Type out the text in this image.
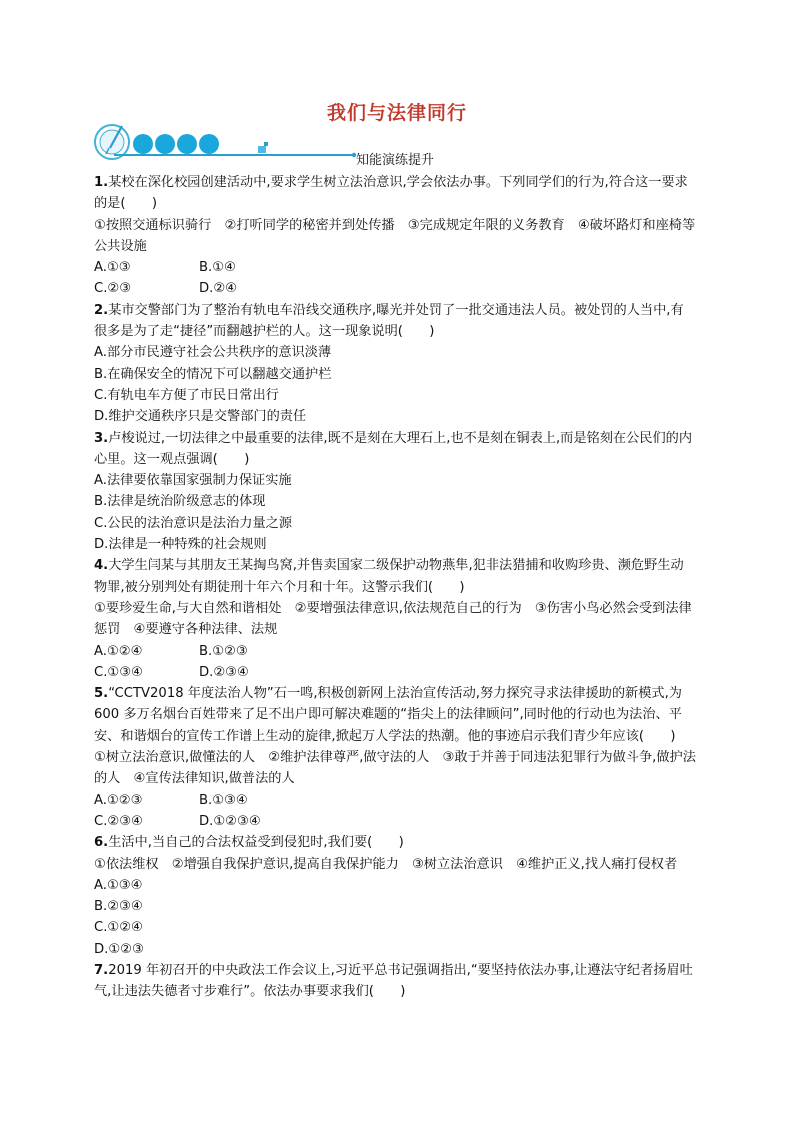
我们与法律同行
知能演练提升

1.某校在深化校园创建活动中,要求学生树立法治意识,学会依法办事。下列同学们的行为,符合这一要求的是(　　)

①按照交通标识骑行　②打听同学的秘密并到处传播　③完成规定年限的义务教育　④破坏路灯和座椅等公共设施

A.①③	B.①④
C.②③	D.②④

2.某市交警部门为了整治有轨电车沿线交通秩序,曝光并处罚了一批交通违法人员。被处罚的人当中,有很多是为了走“捷径”而翻越护栏的人。这一现象说明(　　)

A.部分市民遵守社会公共秩序的意识淡薄

B.在确保安全的情况下可以翻越交通护栏

C.有轨电车方便了市民日常出行

D.维护交通秩序只是交警部门的责任

3.卢梭说过,一切法律之中最重要的法律,既不是刻在大理石上,也不是刻在铜表上,而是铭刻在公民们的内心里。这一观点强调(　　)

A.法律要依靠国家强制力保证实施

B.法律是统治阶级意志的体现

C.公民的法治意识是法治力量之源

D.法律是一种特殊的社会规则

4.大学生闫某与其朋友王某掏鸟窝,并售卖国家二级保护动物燕隼,犯非法猎捕和收购珍贵、濒危野生动物罪,被分别判处有期徒刑十年六个月和十年。这警示我们(　　)

①要珍爱生命,与大自然和谐相处　②要增强法律意识,依法规范自己的行为　③伤害小鸟必然会受到法律惩罚　④要遵守各种法律、法规

A.①②④	B.①②③
C.①③④	D.②③④

5.“CCTV2018 年度法治人物”石一鸣,积极创新网上法治宣传活动,努力探究寻求法律援助的新模式,为 600 多万名烟台百姓带来了足不出户即可解决难题的“指尖上的法律顾问”,同时他的行动也为法治、平安、和谐烟台的宣传工作谱上生动的旋律,掀起万人学法的热潮。他的事迹启示我们青少年应该(　　)

①树立法治意识,做懂法的人　②维护法律尊严,做守法的人　③敢于并善于同违法犯罪行为做斗争,做护法的人　④宣传法律知识,做普法的人

A.①②③	B.①③④
C.②③④	D.①②③④

6.生活中,当自己的合法权益受到侵犯时,我们要(　　)

①依法维权　②增强自我保护意识,提高自我保护能力　③树立法治意识　④维护正义,找人痛打侵权者

A.①③④

B.②③④

C.①②④

D.①②③

7.2019 年初召开的中央政法工作会议上,习近平总书记强调指出,“要坚持依法办事,让遵法守纪者扬眉吐气,让违法失德者寸步难行”。依法办事要求我们(　　)
